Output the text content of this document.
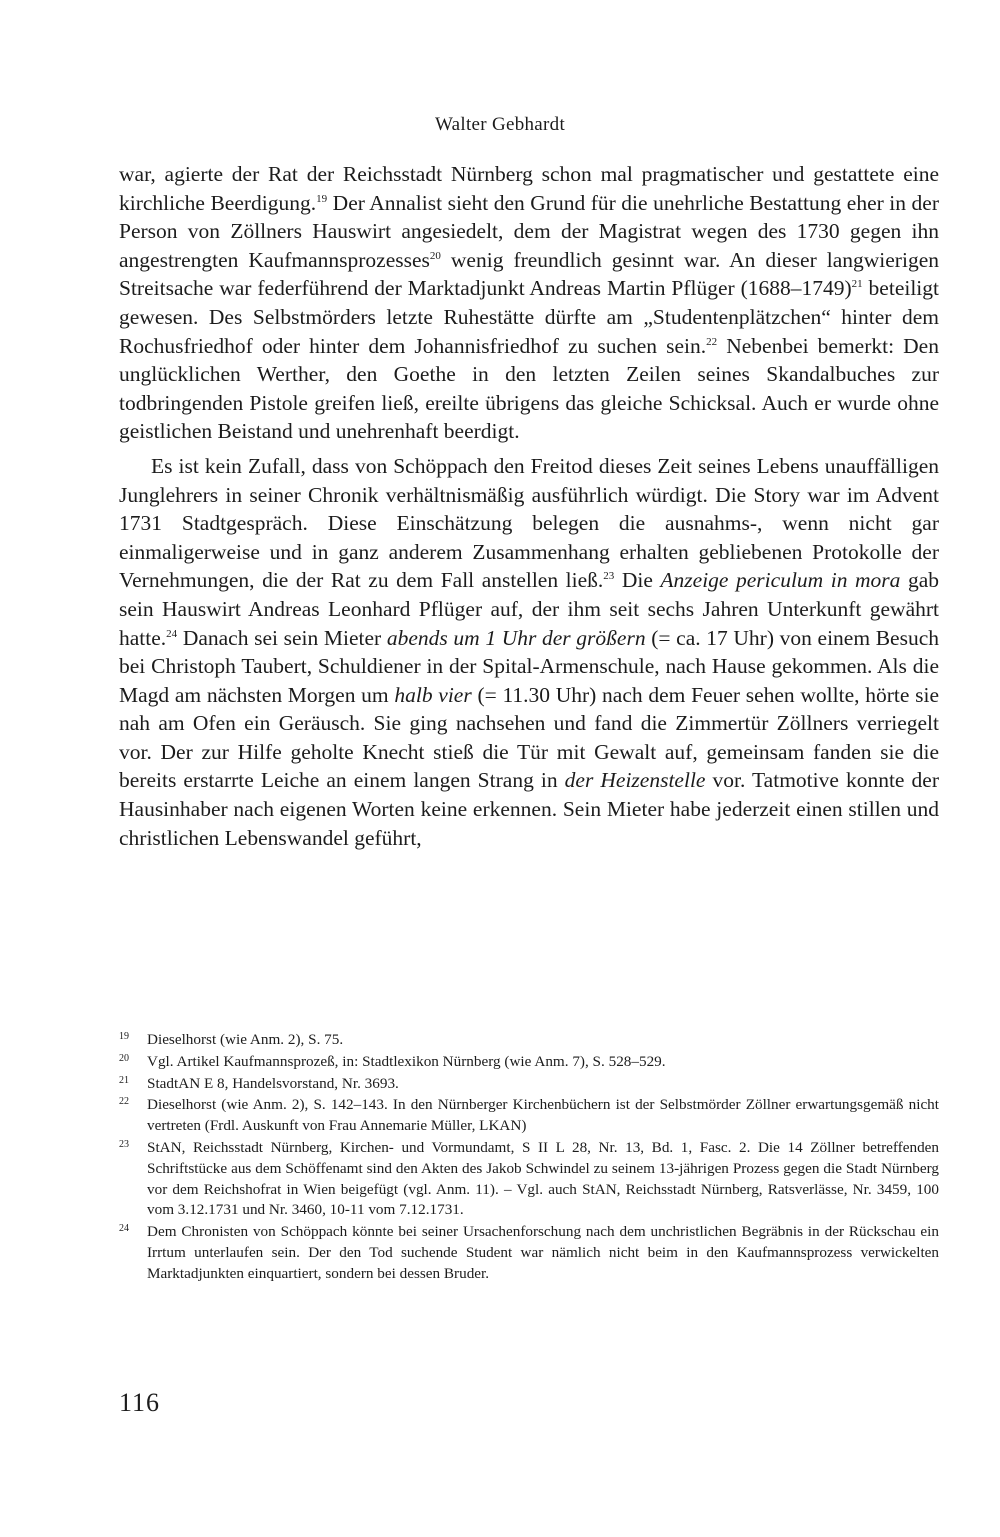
Walter Gebhardt

war, agierte der Rat der Reichsstadt Nürnberg schon mal pragmatischer und gestattete eine kirchliche Beerdigung.$^{19}$ Der Annalist sieht den Grund für die unehrliche Bestattung eher in der Person von Zöllners Hauswirt angesiedelt, dem der Magistrat wegen des 1730 gegen ihn angestrengten Kaufmannsprozesses$^{20}$ wenig freundlich gesinnt war. An dieser langwierigen Streitsache war federführend der Marktadjunkt Andreas Martin Pflüger (1688–1749)$^{21}$ beteiligt gewesen. Des Selbstmörders letzte Ruhestätte dürfte am „Studentenplätzchen“ hinter dem Rochusfriedhof oder hinter dem Johannisfriedhof zu suchen sein.$^{22}$ Nebenbei bemerkt: Den unglücklichen Werther, den Goethe in den letzten Zeilen seines Skandalbuches zur todbringenden Pistole greifen ließ, ereilte übrigens das gleiche Schicksal. Auch er wurde ohne geistlichen Beistand und unehrenhaft beerdigt.

Es ist kein Zufall, dass von Schöppach den Freitod dieses Zeit seines Lebens unauffälligen Junglehrers in seiner Chronik verhältnismäßig ausführlich würdigt. Die Story war im Advent 1731 Stadtgespräch. Diese Einschätzung belegen die ausnahms-, wenn nicht gar einmaligerweise und in ganz anderem Zusammenhang erhalten gebliebenen Protokolle der Vernehmungen, die der Rat zu dem Fall anstellen ließ.$^{23}$ Die Anzeige periculum in mora gab sein Hauswirt Andreas Leonhard Pflüger auf, der ihm seit sechs Jahren Unterkunft gewährt hatte.$^{24}$ Danach sei sein Mieter abends um 1 Uhr der größern (= ca. 17 Uhr) von einem Besuch bei Christoph Taubert, Schuldiener in der Spital-Armenschule, nach Hause gekommen. Als die Magd am nächsten Morgen um halb vier (= 11.30 Uhr) nach dem Feuer sehen wollte, hörte sie nah am Ofen ein Geräusch. Sie ging nachsehen und fand die Zimmertür Zöllners verriegelt vor. Der zur Hilfe geholte Knecht stieß die Tür mit Gewalt auf, gemeinsam fanden sie die bereits erstarrte Leiche an einem langen Strang in der Heizenstelle vor. Tatmotive konnte der Hausinhaber nach eigenen Worten keine erkennen. Sein Mieter habe jederzeit einen stillen und christlichen Lebenswandel geführt,

19 Dieselhorst (wie Anm. 2), S. 75.
20 Vgl. Artikel Kaufmannsprozeß, in: Stadtlexikon Nürnberg (wie Anm. 7), S. 528–529.
21 StadtAN E 8, Handelsvorstand, Nr. 3693.
22 Dieselhorst (wie Anm. 2), S. 142–143. In den Nürnberger Kirchenbüchern ist der Selbstmörder Zöllner erwartungsgemäß nicht vertreten (Frdl. Auskunft von Frau Annemarie Müller, LKAN)
23 StAN, Reichsstadt Nürnberg, Kirchen- und Vormundamt, S II L 28, Nr. 13, Bd. 1, Fasc. 2. Die 14 Zöllner betreffenden Schriftstücke aus dem Schöffenamt sind den Akten des Jakob Schwindel zu seinem 13-jährigen Prozess gegen die Stadt Nürnberg vor dem Reichshofrat in Wien beigefügt (vgl. Anm. 11). – Vgl. auch StAN, Reichsstadt Nürnberg, Ratsverlässe, Nr. 3459, 100 vom 3.12.1731 und Nr. 3460, 10-11 vom 7.12.1731.
24 Dem Chronisten von Schöppach könnte bei seiner Ursachenforschung nach dem unchristlichen Begräbnis in der Rückschau ein Irrtum unterlaufen sein. Der den Tod suchende Student war nämlich nicht beim in den Kaufmannsprozess verwickelten Marktadjunkten einquartiert, sondern bei dessen Bruder.
116
